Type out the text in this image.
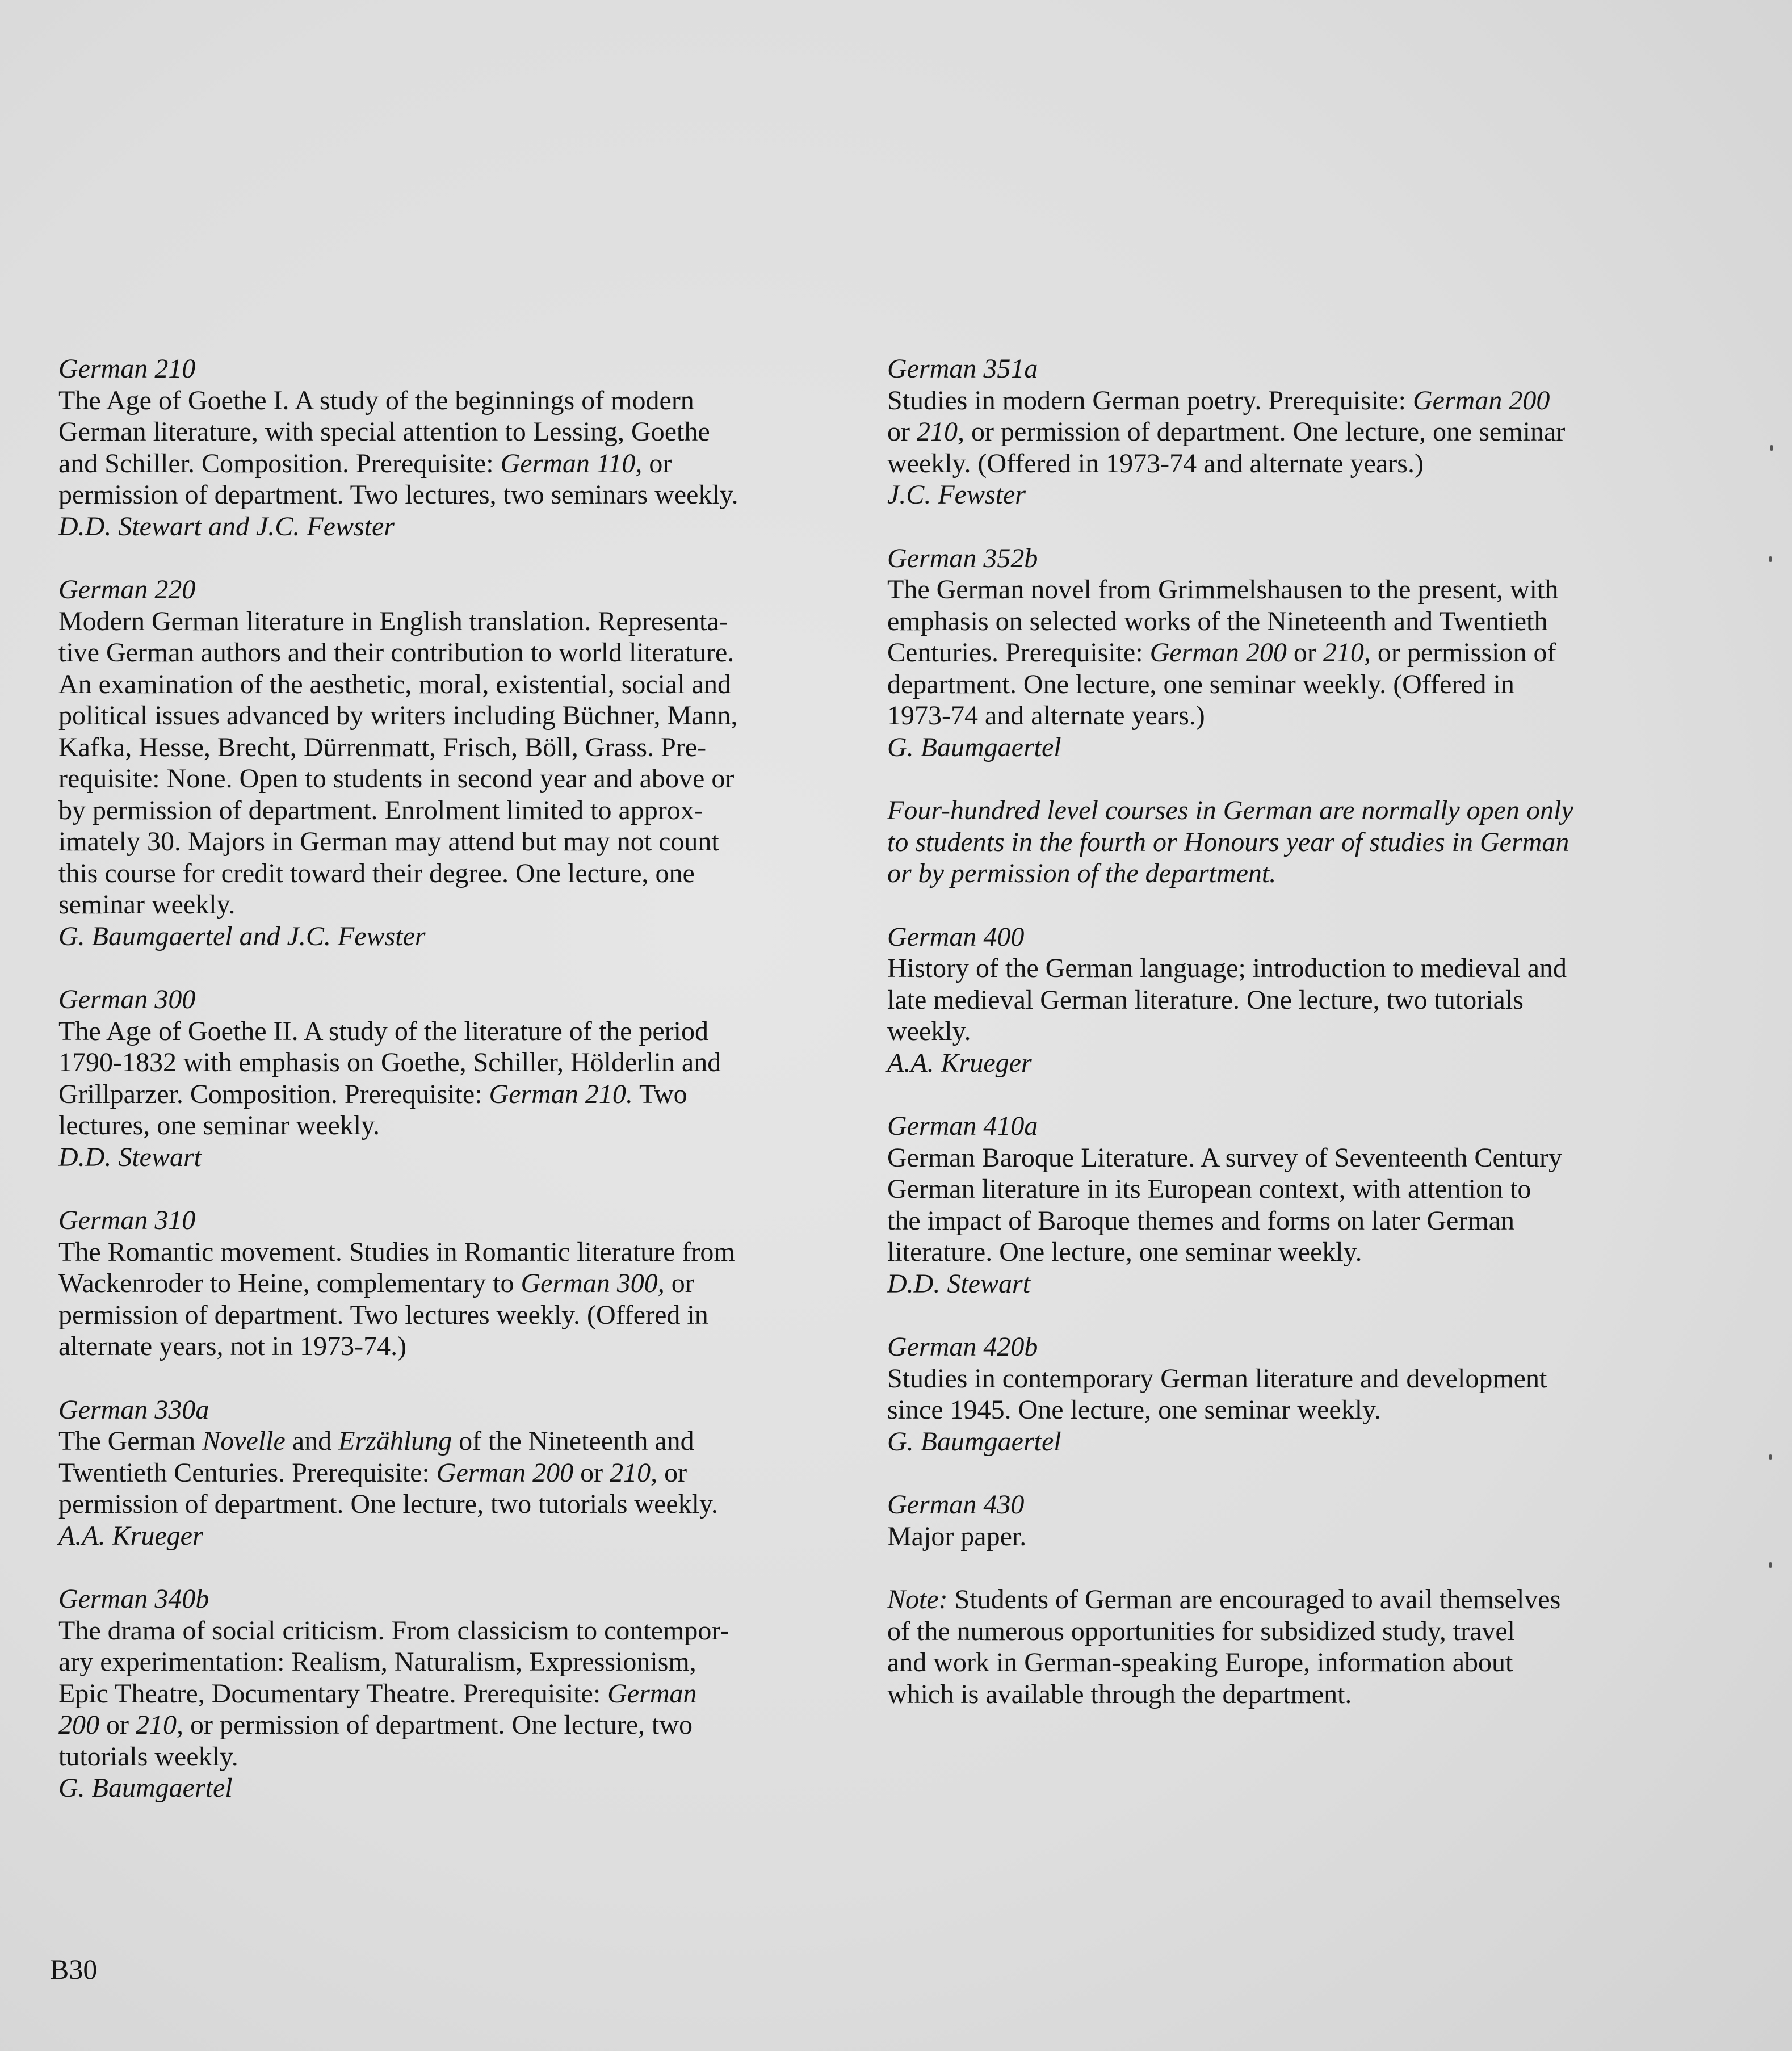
German 210

The Age of Goethe I. A study of the beginnings of modern
German literature, with special attention to Lessing, Goethe
and Schiller. Composition. Prerequisite: German 110, or
permission of department. Two lectures, two seminars weekly.

D.D. Stewart and J.C. Fewster
German 220

Modern German literature in English translation. Representa-
tive German authors and their contribution to world literature.
An examination of the aesthetic, moral, existential, social and
political issues advanced by writers including Büchner, Mann,
Kafka, Hesse, Brecht, Dürrenmatt, Frisch, Böll, Grass. Pre-
requisite: None. Open to students in second year and above or
by permission of department. Enrolment limited to approx-
imately 30. Majors in German may attend but may not count
this course for credit toward their degree. One lecture, one
seminar weekly.

G. Baumgaertel and J.C. Fewster
German 300

The Age of Goethe II. A study of the literature of the period
1790-1832 with emphasis on Goethe, Schiller, Hölderlin and
Grillparzer. Composition. Prerequisite: German 210. Two
lectures, one seminar weekly.

D.D. Stewart
German 310

The Romantic movement. Studies in Romantic literature from
Wackenroder to Heine, complementary to German 300, or
permission of department. Two lectures weekly. (Offered in
alternate years, not in 1973-74.)

German 330a

The German Novelle and Erzählung of the Nineteenth and
Twentieth Centuries. Prerequisite: German 200 or 210, or
permission of department. One lecture, two tutorials weekly.

A.A. Krueger
German 340b

The drama of social criticism. From classicism to contempor-
ary experimentation: Realism, Naturalism, Expressionism,
Epic Theatre, Documentary Theatre. Prerequisite: German
200 or 210, or permission of department. One lecture, two
tutorials weekly.

G. Baumgaertel
German 351a

Studies in modern German poetry. Prerequisite: German 200
or 210, or permission of department. One lecture, one seminar
weekly. (Offered in 1973-74 and alternate years.)

J.C. Fewster
German 352b

The German novel from Grimmelshausen to the present, with
emphasis on selected works of the Nineteenth and Twentieth
Centuries. Prerequisite: German 200 or 210, or permission of
department. One lecture, one seminar weekly. (Offered in
1973-74 and alternate years.)

G. Baumgaertel

Four-hundred level courses in German are normally open only
to students in the fourth or Honours year of studies in German
or by permission of the department.

German 400

History of the German language; introduction to medieval and
late medieval German literature. One lecture, two tutorials
weekly.

A.A. Krueger
German 410a

German Baroque Literature. A survey of Seventeenth Century
German literature in its European context, with attention to
the impact of Baroque themes and forms on later German
literature. One lecture, one seminar weekly.

D.D. Stewart
German 420b

Studies in contemporary German literature and development
since 1945. One lecture, one seminar weekly.

G. Baumgaertel
German 430

Major paper.

Note: Students of German are encouraged to avail themselves
of the numerous opportunities for subsidized study, travel
and work in German-speaking Europe, information about
which is available through the department.

B30
